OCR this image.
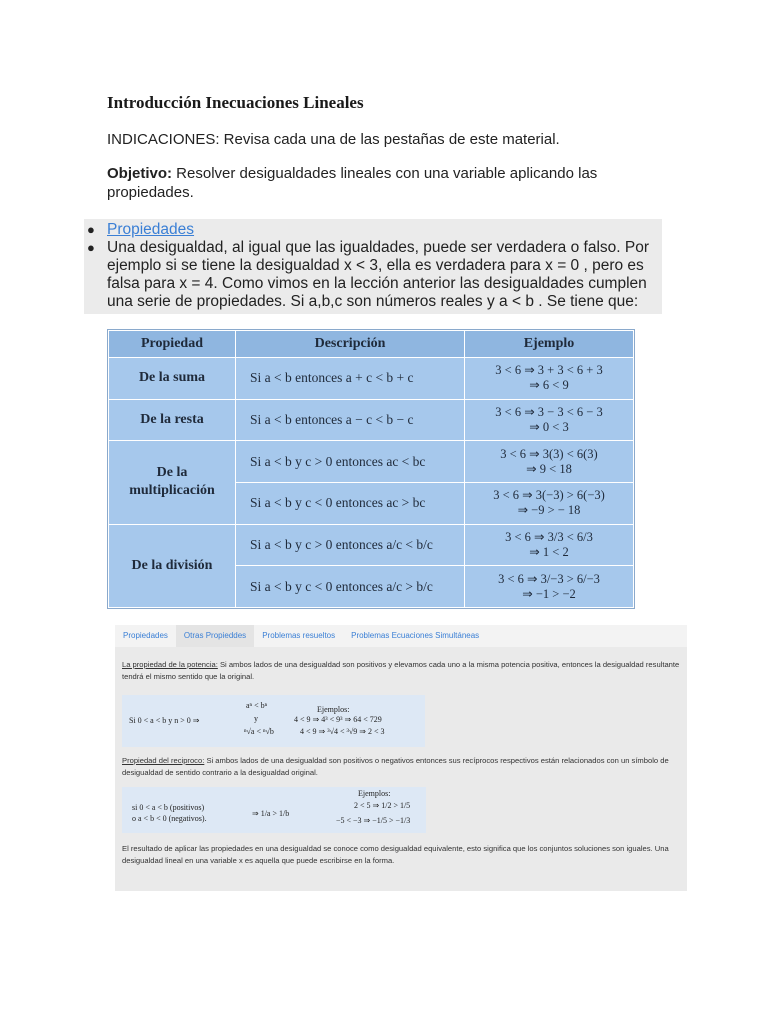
Introducción Inecuaciones Lineales
INDICACIONES: Revisa cada una de las pestañas de este material.
Objetivo: Resolver desigualdades lineales con una variable aplicando las propiedades.
● Propiedades
● Una desigualdad, al igual que las igualdades, puede ser verdadera o falso. Por ejemplo si se tiene la desigualdad x < 3, ella es verdadera para x = 0 , pero es falsa para x = 4. Como vimos en la lección anterior las desigualdades cumplen una serie de propiedades. Si a,b,c son números reales y a < b . Se tiene que:
Propiedad	Descripción	Ejemplo
De la suma	Si a < b entonces a + c < b + c	3 < 6 ⇒ 3 + 3 < 6 + 3
⇒ 6 < 9

De la resta	Si a < b entonces a − c < b − c	3 < 6 ⇒ 3 − 3 < 6 − 3
⇒ 0 < 3

De la multiplicación	Si a < b y c > 0 entonces ac < bc	3 < 6 ⇒ 3(3) < 6(3)
⇒ 9 < 18

	Si a < b y c < 0 entonces ac > bc	3 < 6 ⇒ 3(−3) > 6(−3)
⇒ −9 > − 18

De la división	Si a < b y c > 0 entonces a/c < b/c	3 < 6 ⇒ 3/3 < 6/3
⇒ 1 < 2

	Si a < b y c < 0 entonces a/c > b/c	3 < 6 ⇒ 3/−3 > 6/−3
⇒ −1 > −2
Propiedades	Otras Propieddes	Problemas resueltos	Problemas Ecuaciones Simultáneas

La propiedad de la potencia: Si ambos lados de una desigualdad son positivos y elevamos cada uno a la misma potencia positiva, entonces la desigualdad resultante tendrá el mismo sentido que la original.

Si 0 < a < b y n > 0 ⇒
aⁿ < bⁿ
y
ⁿ√a < ⁿ√b
Ejemplos:
4 < 9 ⇒ 4³ < 9³ ⇒ 64 < 729
4 < 9 ⇒ ³√4 < ³√9 ⇒ 2 < 3

Propiedad del reciproco: Si ambos lados de una desigualdad son positivos o negativos entonces sus recíprocos respectivos están relacionados con un símbolo de desigualdad de sentido contrario a la desigualdad original.

si 0 < a < b (positivos)
o a < b < 0 (negativos).
⇒ 1/a > 1/b
Ejemplos:
2 < 5 ⇒ 1/2 > 1/5
−5 < −3 ⇒ −1/5 > −1/3

El resultado de aplicar las propiedades en una desigualdad se conoce como desigualdad equivalente, esto significa que los conjuntos soluciones son iguales. Una desigualdad lineal en una variable x es aquella que puede escribirse en la forma.
